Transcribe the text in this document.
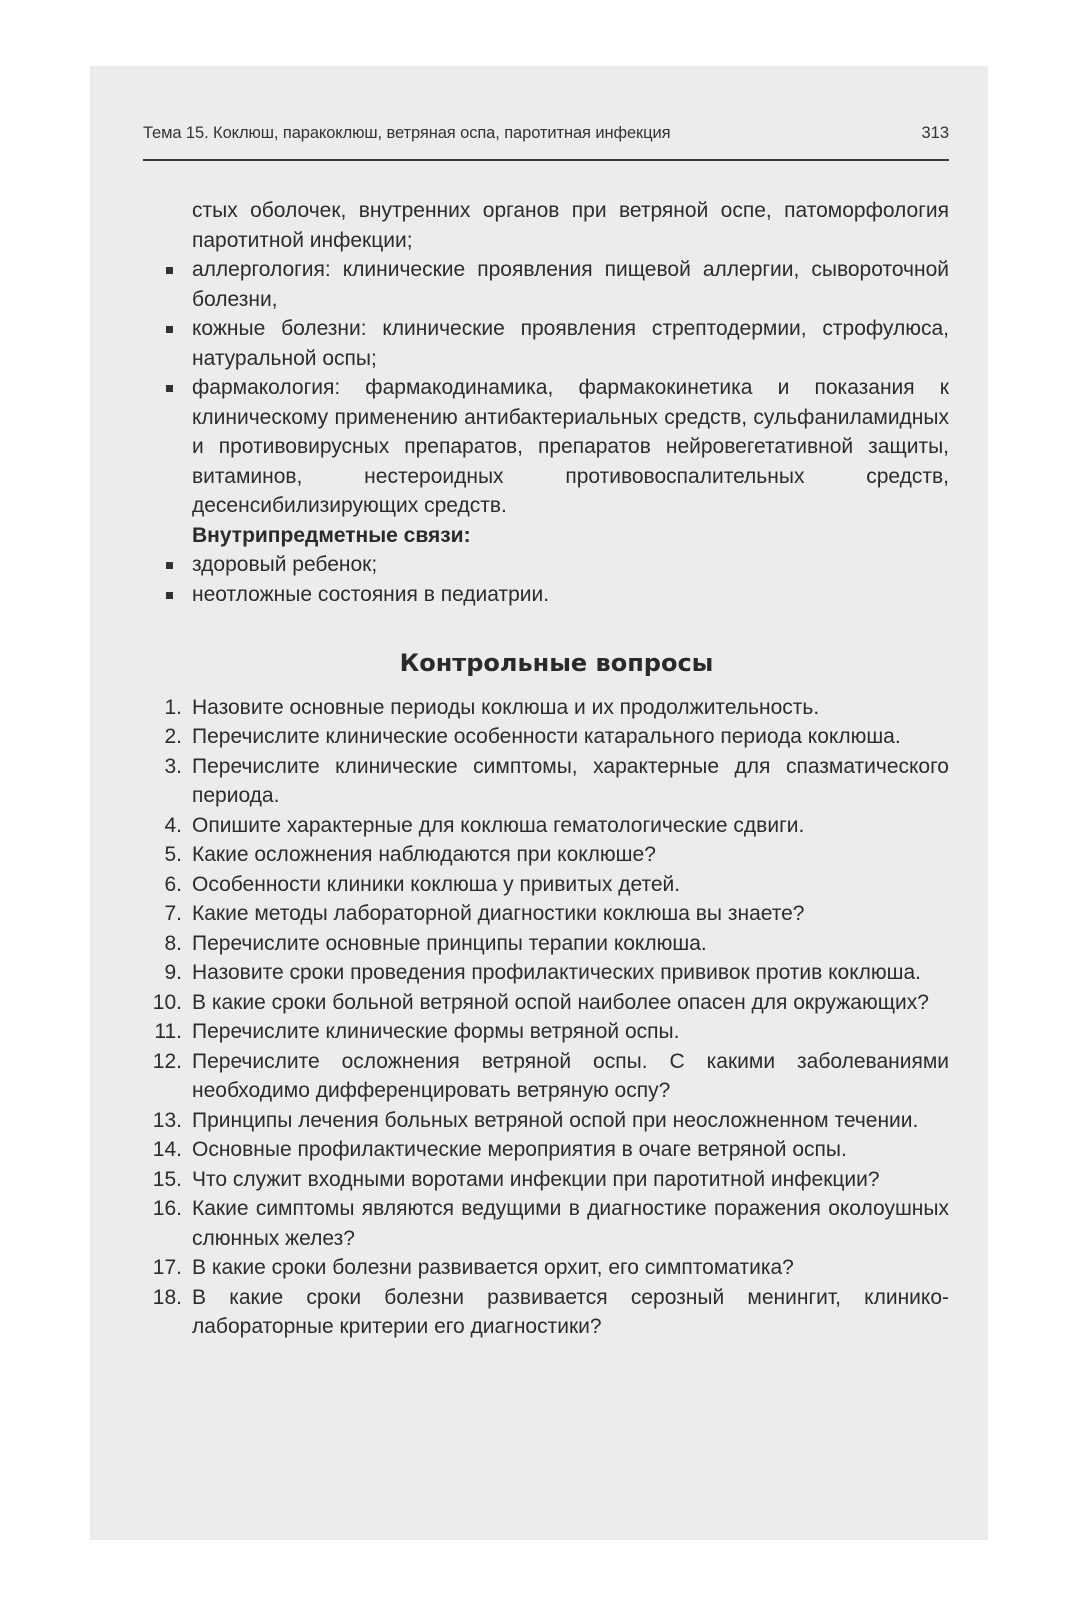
Тема 15. Коклюш, паракоклюш, ветряная оспа, паротитная инфекция	313
стых оболочек, внутренних органов при ветряной оспе, патоморфология паротитной инфекции;
аллергология: клинические проявления пищевой аллергии, сывороточной болезни,
кожные болезни: клинические проявления стрептодермии, строфулюса, натуральной оспы;
фармакология: фармакодинамика, фармакокинетика и показания к клиническому применению антибактериальных средств, сульфаниламидных и противовирусных препаратов, препаратов нейровегетативной защиты, витаминов, нестероидных противовоспалительных средств, десенсибилизирующих средств.
Внутрипредметные связи:
здоровый ребенок;
неотложные состояния в педиатрии.
Контрольные вопросы
1. Назовите основные периоды коклюша и их продолжительность.
2. Перечислите клинические особенности катарального периода коклюша.
3. Перечислите клинические симптомы, характерные для спазматического периода.
4. Опишите характерные для коклюша гематологические сдвиги.
5. Какие осложнения наблюдаются при коклюше?
6. Особенности клиники коклюша у привитых детей.
7. Какие методы лабораторной диагностики коклюша вы знаете?
8. Перечислите основные принципы терапии коклюша.
9. Назовите сроки проведения профилактических прививок против коклюша.
10. В какие сроки больной ветряной оспой наиболее опасен для окружающих?
11. Перечислите клинические формы ветряной оспы.
12. Перечислите осложнения ветряной оспы. С какими заболеваниями необходимо дифференцировать ветряную оспу?
13. Принципы лечения больных ветряной оспой при неосложненном течении.
14. Основные профилактические мероприятия в очаге ветряной оспы.
15. Что служит входными воротами инфекции при паротитной инфекции?
16. Какие симптомы являются ведущими в диагностике поражения околоушных слюнных желез?
17. В какие сроки болезни развивается орхит, его симптоматика?
18. В какие сроки болезни развивается серозный менингит, клинико-лабораторные критерии его диагностики?
